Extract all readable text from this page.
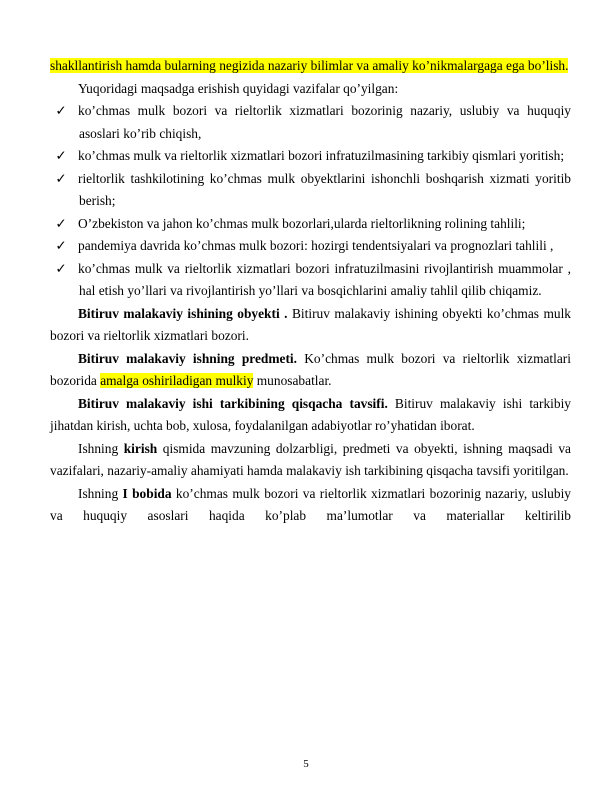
shakllantirish hamda bularning negizida nazariy bilimlar va amaliy ko’nikmalargaga ega bo’lish.

Yuqoridagi maqsadga erishish quyidagi vazifalar qo’yilgan:

✓ ko’chmas mulk bozori va rieltorlik xizmatlari bozorinig nazariy, uslubiy va huquqiy asoslari ko’rib chiqish,

✓ ko’chmas mulk va rieltorlik xizmatlari bozori infratuzilmasining tarkibiy qismlari yoritish;

✓ rieltorlik tashkilotining ko’chmas mulk obyektlarini ishonchli boshqarish xizmati yoritib berish;

✓ O’zbekiston va jahon ko’chmas mulk bozorlari,ularda rieltorlikning rolining tahlili;

✓ pandemiya davrida ko’chmas mulk bozori: hozirgi tendentsiyalari va prognozlari tahlili ,

✓ ko’chmas mulk va rieltorlik xizmatlari bozori infratuzilmasini rivojlantirish muammolar , hal etish yo’llari va rivojlantirish yo’llari va bosqichlarini amaliy tahlil qilib chiqamiz.

Bitiruv malakaviy ishining obyekti . Bitiruv malakaviy ishining obyekti ko’chmas mulk bozori va rieltorlik xizmatlari bozori.

Bitiruv malakaviy ishning predmeti. Ko’chmas mulk bozori va rieltorlik xizmatlari bozorida amalga oshiriladigan mulkiy munosabatlar.

Bitiruv malakaviy ishi tarkibining qisqacha tavsifi. Bitiruv malakaviy ishi tarkibiy jihatdan kirish, uchta bob, xulosa, foydalanilgan adabiyotlar ro’yhatidan iborat.

Ishning kirish qismida mavzuning dolzarbligi, predmeti va obyekti, ishning maqsadi va vazifalari, nazariy-amaliy ahamiyati hamda malakaviy ish tarkibining qisqacha tavsifi yoritilgan.

Ishning I bobida ko’chmas mulk bozori va rieltorlik xizmatlari bozorinig nazariy, uslubiy va huquqiy asoslari haqida ko’plab ma’lumotlar va materiallar keltirilib

5
